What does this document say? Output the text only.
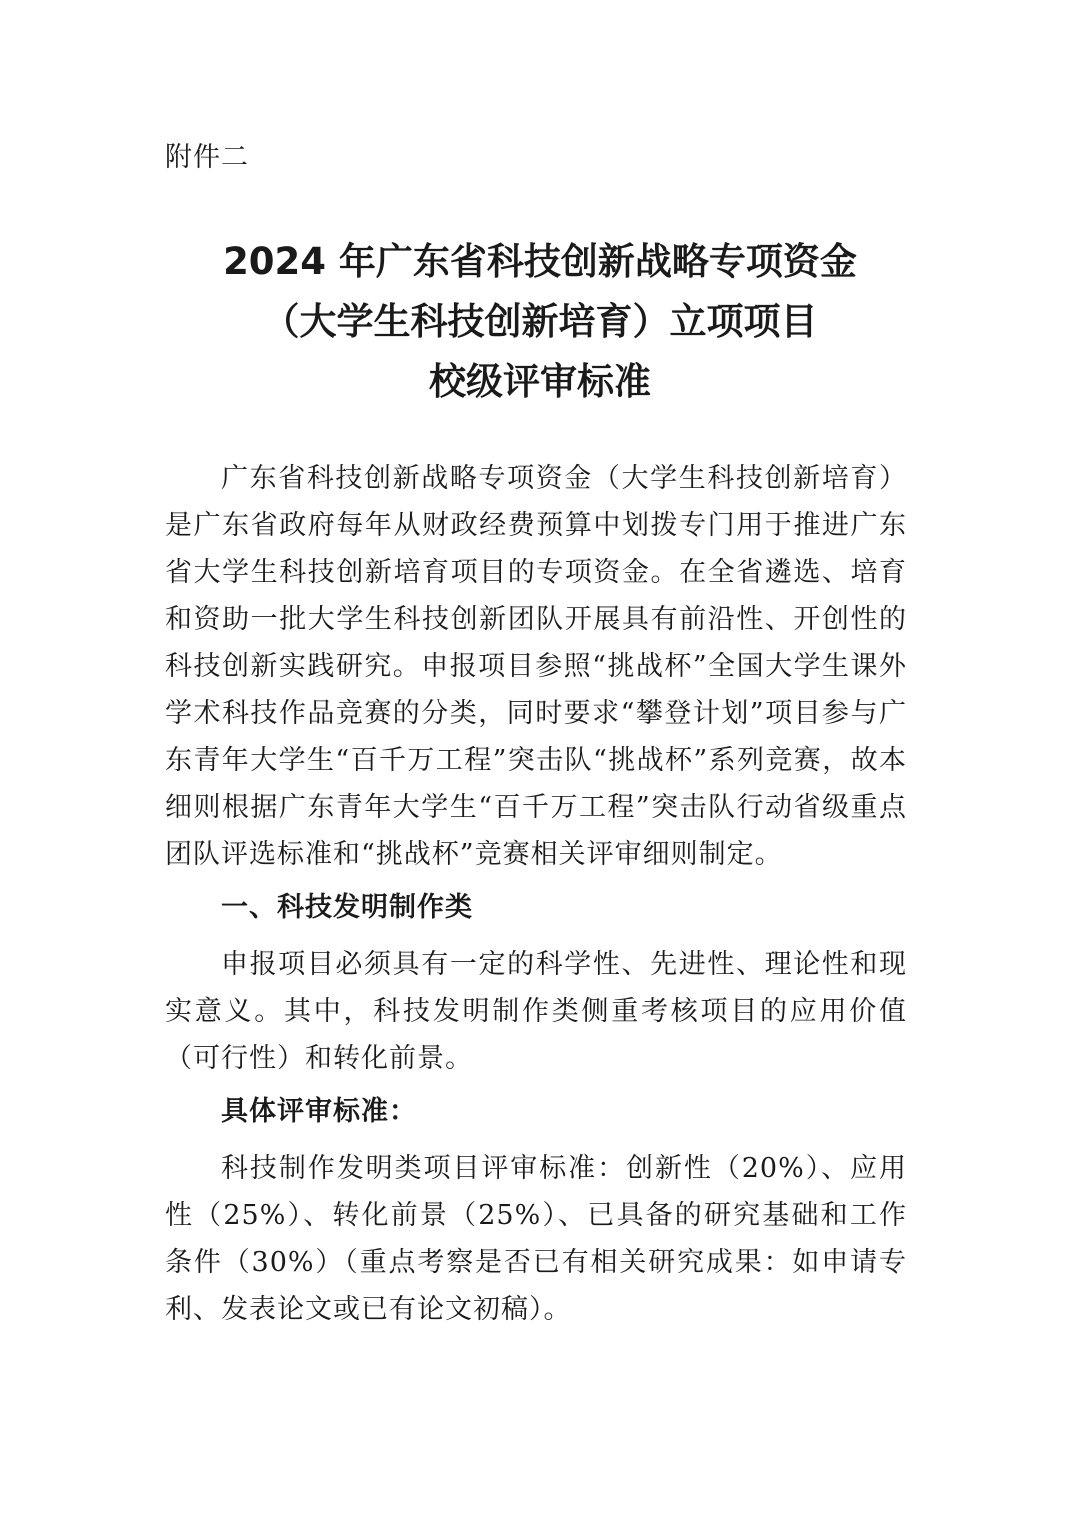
附件二
2024 年广东省科技创新战略专项资金
（大学生科技创新培育）立项项目
校级评审标准

广东省科技创新战略专项资金（大学生科技创新培育）是广东省政府每年从财政经费预算中划拨专门用于推进广东省大学生科技创新培育项目的专项资金。在全省遴选、培育和资助一批大学生科技创新团队开展具有前沿性、开创性的科技创新实践研究。申报项目参照“挑战杯”全国大学生课外学术科技作品竞赛的分类，同时要求“攀登计划”项目参与广东青年大学生“百千万工程”突击队“挑战杯”系列竞赛，故本细则根据广东青年大学生“百千万工程”突击队行动省级重点团队评选标准和“挑战杯”竞赛相关评审细则制定。

一、科技发明制作类

申报项目必须具有一定的科学性、先进性、理论性和现实意义。其中，科技发明制作类侧重考核项目的应用价值（可行性）和转化前景。

具体评审标准：

科技制作发明类项目评审标准：创新性（20%）、应用性（25%）、转化前景（25%）、已具备的研究基础和工作条件（30%）（重点考察是否已有相关研究成果：如申请专利、发表论文或已有论文初稿）。
